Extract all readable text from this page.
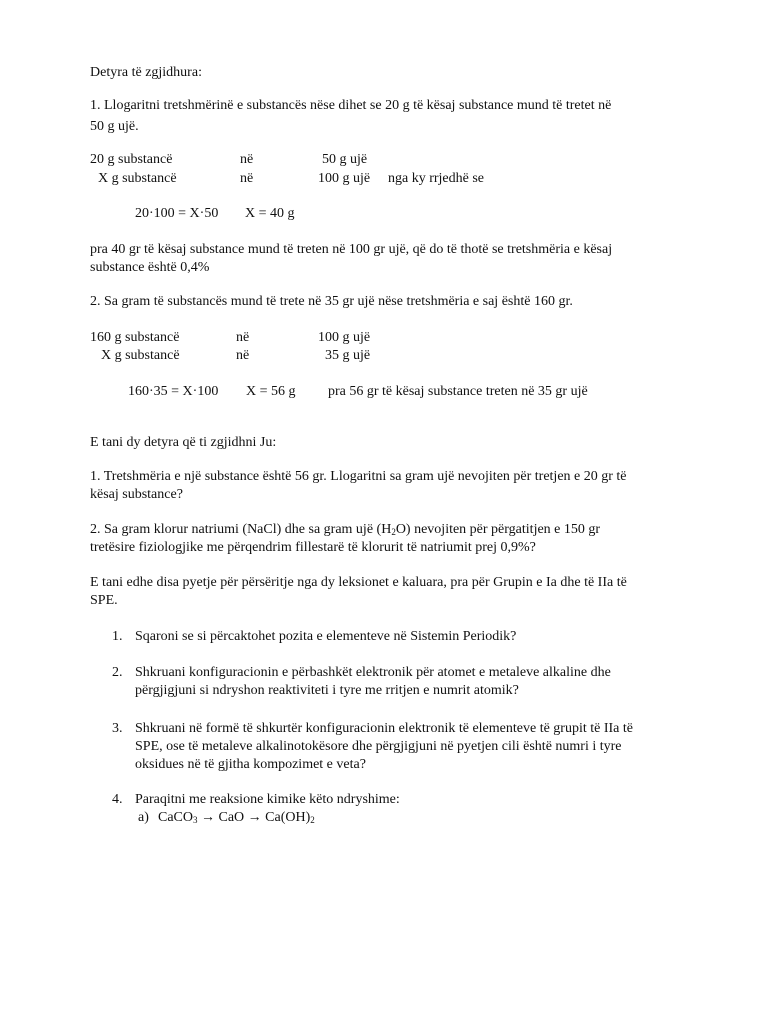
Detyra të zgjidhura:
1. Llogaritni tretshmërinë e substancës nëse dihet se 20 g të kësaj substance mund të tretet në
50 g ujë.
20 g substancë	në	50 g ujë
X g substancë	në	100 g ujë nga ky rrjedhë se
20·100 = X·50 X = 40 g
pra 40 gr të kësaj substance mund të treten në 100 gr ujë, që do të thotë se tretshmëria e kësaj
substance është 0,4%
2. Sa gram të substancës mund të trete në 35 gr ujë nëse tretshmëria e saj është 160 gr.
160 g substancë	në	100 g ujë
X g substancë	në	35 g ujë
160·35 = X·100 X = 56 g pra 56 gr të kësaj substance treten në 35 gr ujë
E tani dy detyra që ti zgjidhni Ju:
1. Tretshmëria e një substance është 56 gr. Llogaritni sa gram ujë nevojiten për tretjen e 20 gr të
kësaj substance?
2. Sa gram klorur natriumi (NaCl) dhe sa gram ujë $(H_2O)$ nevojiten për përgatitjen e 150 gr
tretësire fiziologjike me përqendrim fillestarë të klorurit të natriumit prej 0,9%?
E tani edhe disa pyetje për përsëritje nga dy leksionet e kaluara, pra për Grupin e Ia dhe të IIa të
SPE.
1. Sqaroni se si përcaktohet pozita e elementeve në Sistemin Periodik?
2. Shkruani konfiguracionin e përbashkët elektronik për atomet e metaleve alkaline dhe
përgjigjuni si ndryshon reaktiviteti i tyre me rritjen e numrit atomik?
3. Shkruani në formë të shkurtër konfiguracionin elektronik të elementeve të grupit të IIa të
SPE, ose të metaleve alkalinotokësore dhe përgjigjuni në pyetjen cili është numri i tyre
oksidues në të gjitha kompozimet e veta?
4. Paraqitni me reaksione kimike këto ndryshime:
a) CaCO$_3$ → CaO → $Ca(OH)_2$
